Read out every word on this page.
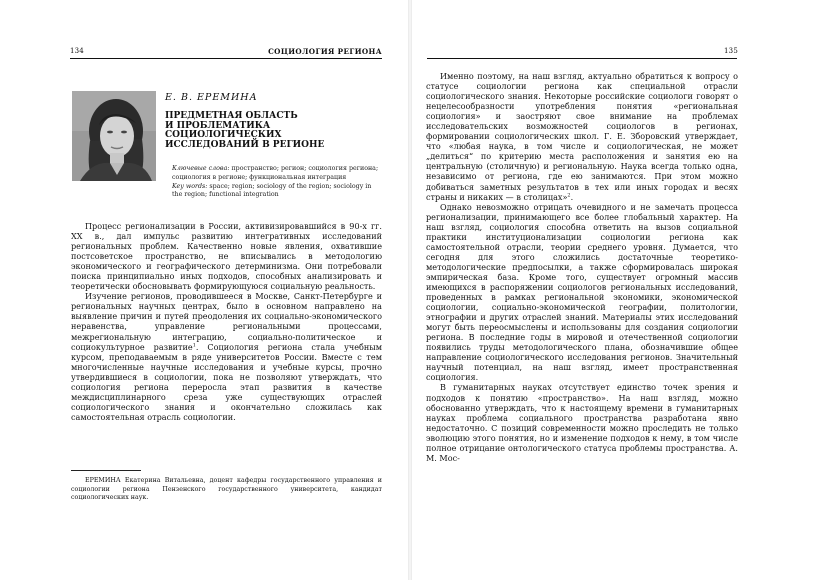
134	СОЦИОЛОГИЯ РЕГИОНА	135
Е. В. ЕРЕМИНА
ПРЕДМЕТНАЯ ОБЛАСТЬ
И ПРОБЛЕМАТИКА
СОЦИОЛОГИЧЕСКИХ
ИССЛЕДОВАНИЙ В РЕГИОНЕ

Ключевые слова: пространство; регион; социология региона; социология в регионе; функциональная интеграция

Key words: space; region; sociology of the region; sociology in the region; functional integration

Процесс регионализации в России, активизировавшийся в 90-х гг. XX в., дал импульс развитию интегративных исследований региональных проблем. Качественно новые явления, охватившие постсоветское пространство, не вписывались в методологию экономического и географического детерминизма. Они потребовали поиска принципиально иных подходов, способных анализировать и теоретически обосновывать формирующуюся социальную реальность.

Изучение регионов, проводившееся в Москве, Санкт-Петербурге и региональных научных центрах, было в основном направлено на выявление причин и путей преодоления их социально-экономического неравенства, управление региональными процессами, межрегиональную интеграцию, социально-политическое и социокультурное развитие$^1$. Социология региона стала учебным курсом, преподаваемым в ряде университетов России. Вместе с тем многочисленные научные исследования и учебные курсы, прочно утвердившиеся в социологии, пока не позволяют утверждать, что социология региона переросла этап развития в качестве междисциплинарного среза уже существующих отраслей социологического знания и окончательно сложилась как самостоятельная отрасль социологии.

ЕРЕМИНА Екатерина Витальевна, доцент кафедры государственного управления и социологии региона Пензенского государственного университета, кандидат социологических наук.

Именно поэтому, на наш взгляд, актуально обратиться к вопросу о статусе социологии региона как специальной отрасли социологического знания. Некоторые российские социологи говорят о нецелесообразности употребления понятия «региональная социология» и заостряют свое внимание на проблемах исследовательских возможностей социологов в регионах, формировании социологических школ. Г. Е. Зборовский утверждает, что «любая наука, в том числе и социологическая, не может „делиться“ по критерию места расположения и занятия ею на центральную (столичную) и региональную. Наука всегда только одна, независимо от региона, где ею занимаются. При этом можно добиваться заметных результатов в тех или иных городах и весях страны и никаких — в столицах»$^2$.

Однако невозможно отрицать очевидного и не замечать процесса регионализации, принимающего все более глобальный характер. На наш взгляд, социология способна ответить на вызов социальной практики институционализации социологии региона как самостоятельной отрасли, теории среднего уровня. Думается, что сегодня для этого сложились достаточные теоретико-методологические предпосылки, а также сформировалась широкая эмпирическая база. Кроме того, существует огромный массив имеющихся в распоряжении социологов региональных исследований, проведенных в рамках региональной экономики, экономической социологии, социально-экономической географии, политологии, этнографии и других отраслей знаний. Материалы этих исследований могут быть переосмыслены и использованы для создания социологии региона. В последние годы в мировой и отечественной социологии появились труды методологического плана, обозначившие общее направление социологического исследования регионов. Значительный научный потенциал, на наш взгляд, имеет пространственная социология.

В гуманитарных науках отсутствует единство точек зрения и подходов к понятию «пространство». На наш взгляд, можно обоснованно утверждать, что к настоящему времени в гуманитарных науках проблема социального пространства разработана явно недостаточно. С позиций современности можно проследить не только эволюцию этого понятия, но и изменение подходов к нему, в том числе полное отрицание онтологического статуса проблемы пространства. А. М. Мос-
